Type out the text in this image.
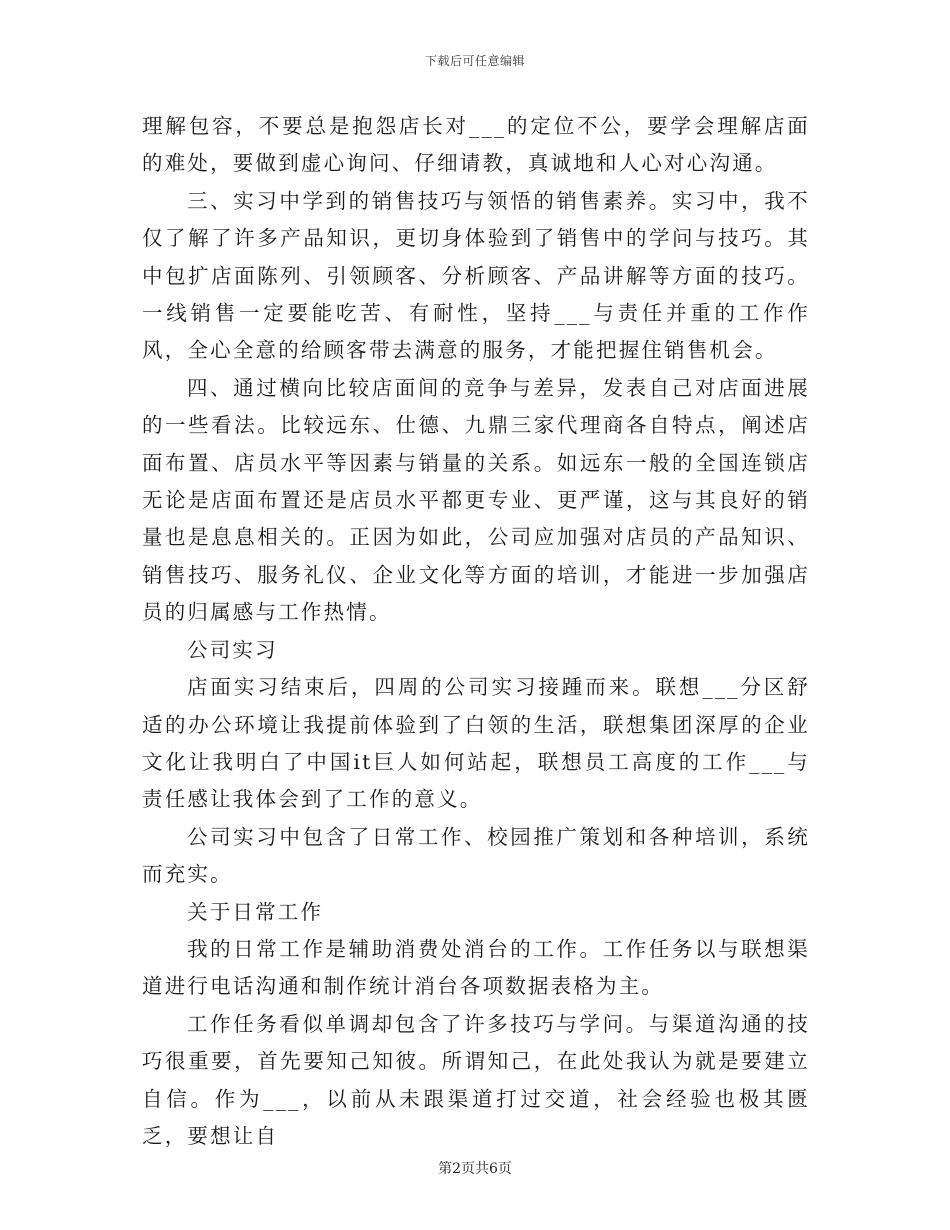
下载后可任意编辑

理解包容，不要总是抱怨店长对___的定位不公，要学会理解店面的难处，要做到虚心询问、仔细请教，真诚地和人心对心沟通。

三、实习中学到的销售技巧与领悟的销售素养。实习中，我不仅了解了许多产品知识，更切身体验到了销售中的学问与技巧。其中包扩店面陈列、引领顾客、分析顾客、产品讲解等方面的技巧。一线销售一定要能吃苦、有耐性，坚持___与责任并重的工作作风，全心全意的给顾客带去满意的服务，才能把握住销售机会。

四、通过横向比较店面间的竞争与差异，发表自己对店面进展的一些看法。比较远东、仕德、九鼎三家代理商各自特点，阐述店面布置、店员水平等因素与销量的关系。如远东一般的全国连锁店无论是店面布置还是店员水平都更专业、更严谨，这与其良好的销量也是息息相关的。正因为如此，公司应加强对店员的产品知识、销售技巧、服务礼仪、企业文化等方面的培训，才能进一步加强店员的归属感与工作热情。

公司实习

店面实习结束后，四周的公司实习接踵而来。联想___分区舒适的办公环境让我提前体验到了白领的生活，联想集团深厚的企业文化让我明白了中国it巨人如何站起，联想员工高度的工作___与责任感让我体会到了工作的意义。

公司实习中包含了日常工作、校园推广策划和各种培训，系统而充实。

关于日常工作

我的日常工作是辅助消费处消台的工作。工作任务以与联想渠道进行电话沟通和制作统计消台各项数据表格为主。

工作任务看似单调却包含了许多技巧与学问。与渠道沟通的技巧很重要，首先要知己知彼。所谓知己，在此处我认为就是要建立自信。作为___，以前从未跟渠道打过交道，社会经验也极其匮乏，要想让自

第2页共6页
